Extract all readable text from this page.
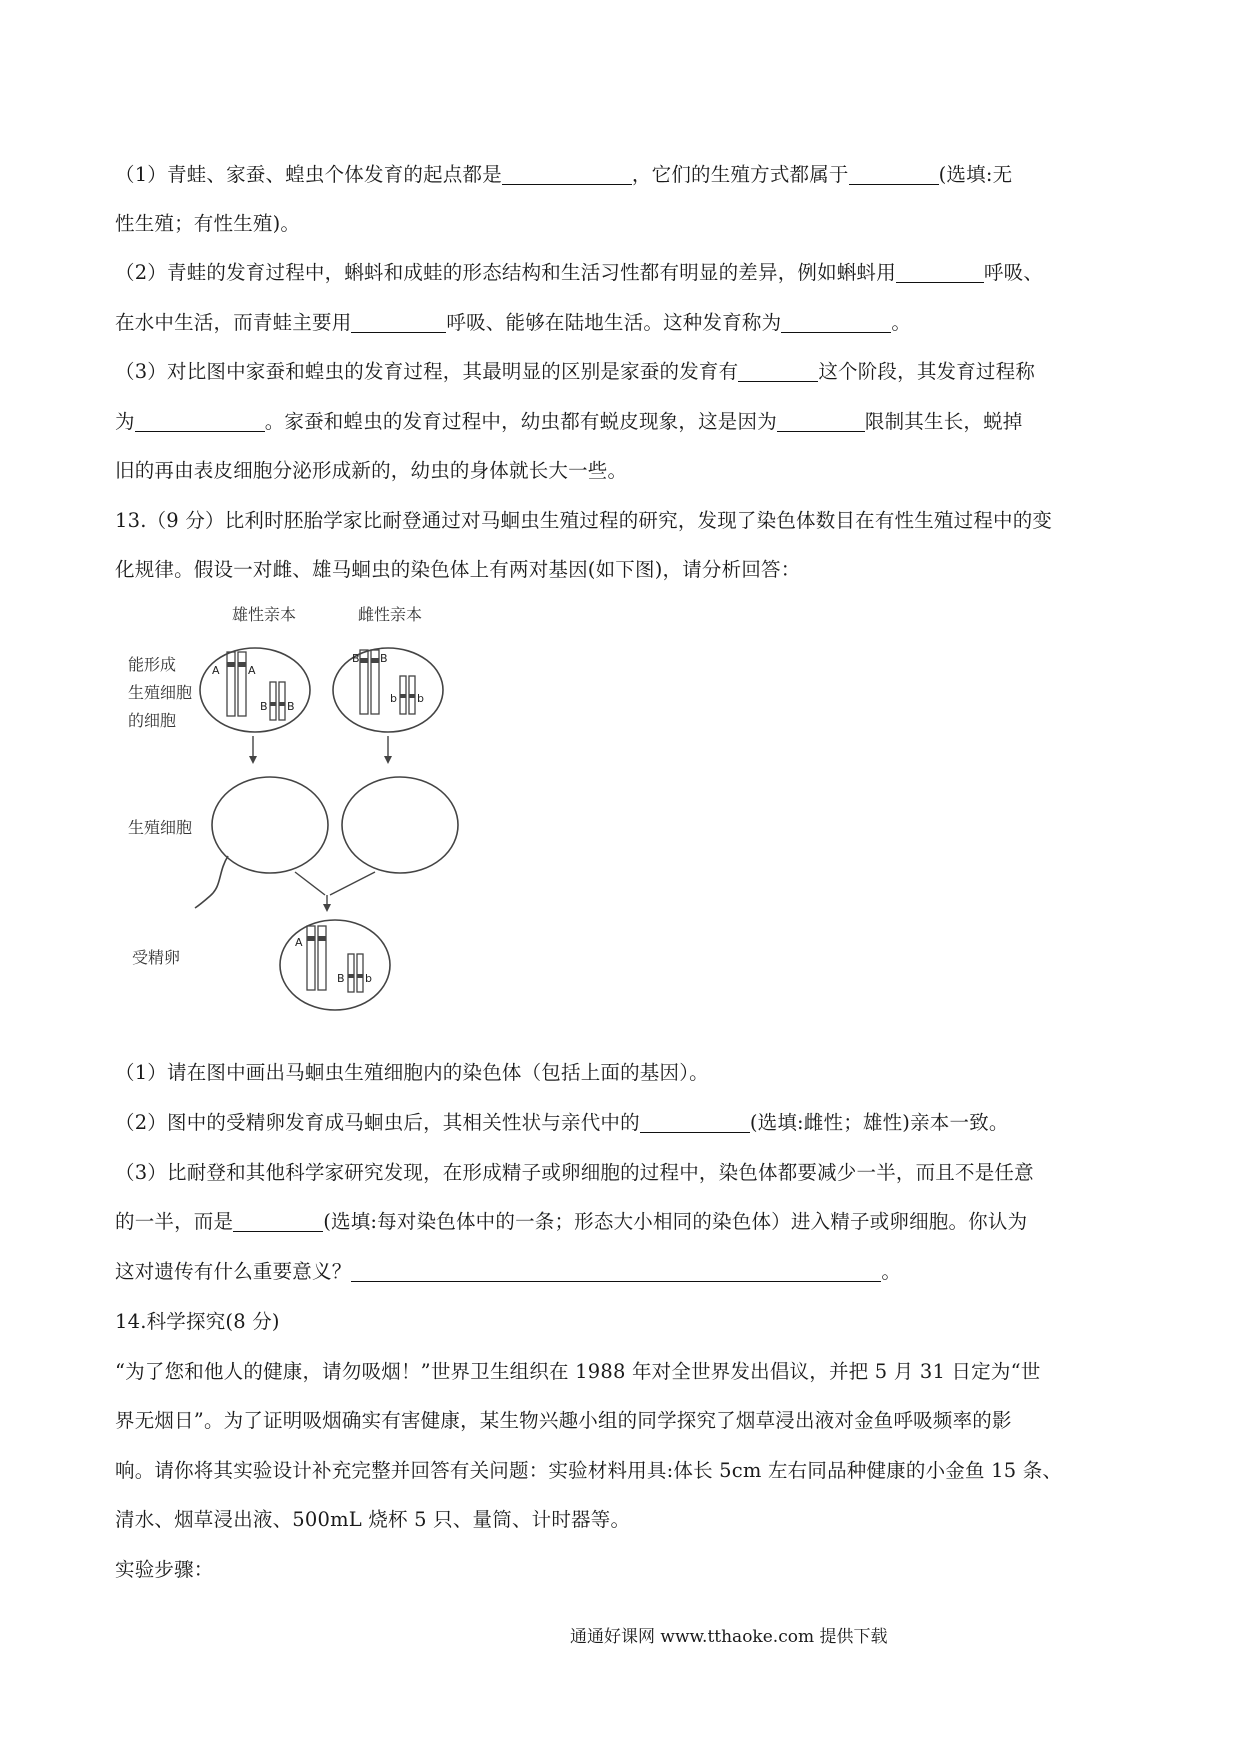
（1）青蛙、家蚕、蝗虫个体发育的起点都是	，它们的生殖方式都属于	(选填:无
性生殖；有性生殖)。
（2）青蛙的发育过程中，蝌蚪和成蛙的形态结构和生活习性都有明显的差异，例如蝌蚪用	呼吸、
在水中生活，而青蛙主要用	呼吸、能够在陆地生活。这种发育称为	。
（3）对比图中家蚕和蝗虫的发育过程，其最明显的区别是家蚕的发育有	这个阶段，其发育过程称
为	。家蚕和蝗虫的发育过程中，幼虫都有蜕皮现象，这是因为	限制其生长，蜕掉
旧的再由表皮细胞分泌形成新的，幼虫的身体就长大一些。
13.（9 分）比利时胚胎学家比耐登通过对马蛔虫生殖过程的研究，发现了染色体数目在有性生殖过程中的变
化规律。假设一对雌、雄马蛔虫的染色体上有两对基因(如下图)，请分析回答：
雄性亲本	雌性亲本
能形成
生殖细胞
的细胞
生殖细胞
受精卵
A	A
B B
B B
b b
A
B b
（1）请在图中画出马蛔虫生殖细胞内的染色体（包括上面的基因）。
（2）图中的受精卵发育成马蛔虫后，其相关性状与亲代中的	(选填:雌性；雄性)亲本一致。
（3）比耐登和其他科学家研究发现，在形成精子或卵细胞的过程中，染色体都要减少一半，而且不是任意
的一半，而是	(选填:每对染色体中的一条；形态大小相同的染色体）进入精子或卵细胞。你认为
这对遗传有什么重要意义？	。
14.科学探究(8 分)
“为了您和他人的健康，请勿吸烟！”世界卫生组织在 1988 年对全世界发出倡议，并把 5 月 31 日定为“世
界无烟日”。为了证明吸烟确实有害健康，某生物兴趣小组的同学探究了烟草浸出液对金鱼呼吸频率的影
响。请你将其实验设计补充完整并回答有关问题：实验材料用具:体长 5cm 左右同品种健康的小金鱼 15 条、
清水、烟草浸出液、500mL 烧杯 5 只、量筒、计时器等。
实验步骤：
通通好课网 www.tthaoke.com 提供下载
